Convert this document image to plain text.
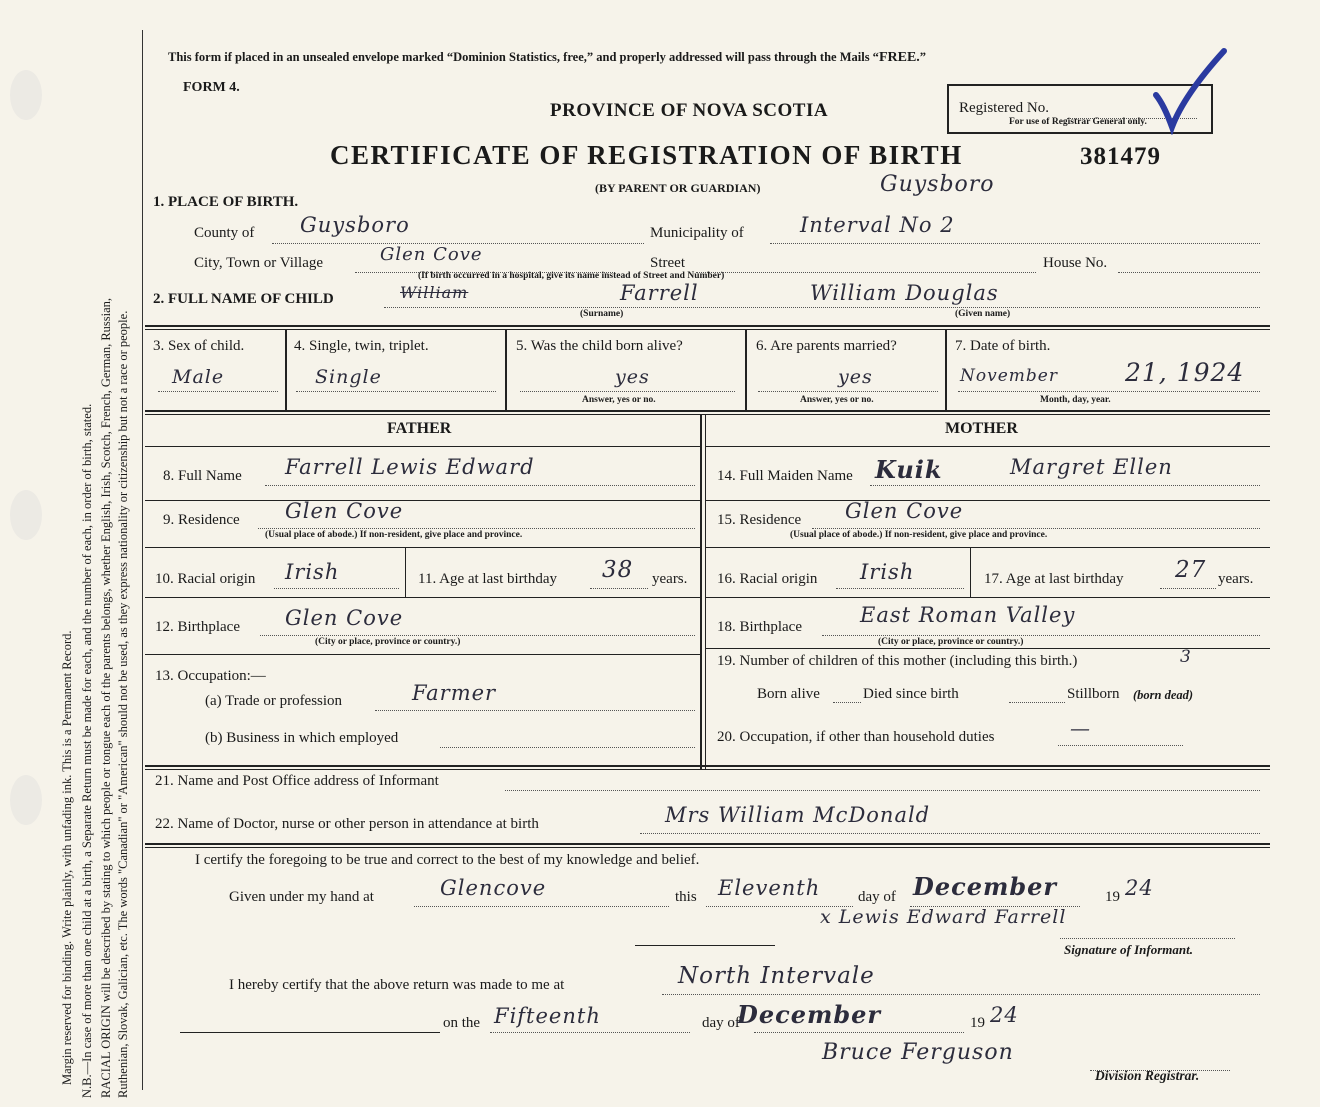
Margin reserved for binding. Write plainly, with unfading ink. This is a Permanent Record. N.B.—In case of more than one child at a birth, a Separate Return must be made for each, and the number of each, in order of birth, stated. RACIAL ORIGIN will be described by stating to which people or tongue each of the parents belongs, whether English, Irish, Scotch, French, German, Russian, Ruthenian, Slovak, Galician, etc. The words "Canadian" or "American" should not be used, as they express nationality or citizenship but not a race or people.
This form if placed in an unsealed envelope marked “Dominion Statistics, free,” and properly addressed will pass through the Mails “FREE.”
FORM 4.
PROVINCE OF NOVA SCOTIA	Registered No.
For use of Registrar General only.
CERTIFICATE OF REGISTRATION OF BIRTH	381479
(BY PARENT OR GUARDIAN)	Guysboro
1. PLACE OF BIRTH.
County of Guysboro	Municipality of	Interval No 2
City, Town or Village	Glen Cove	Street
(If birth occurred in a hospital, give its name instead of Street and Number)
House No.
2. FULL NAME OF CHILD	William	Farrell	William Douglas
(Surname)	(Given name)
3. Sex of child.
Male
4. Single, twin, triplet.
Single
5. Was the child born alive?
yes
Answer, yes or no.
6. Are parents married?
yes
Answer, yes or no.
7. Date of birth.
November	21, 1924
Month, day, year.
FATHER	MOTHER
8. Full Name Farrell Lewis Edward
9. Residence Glen Cove
(Usual place of abode.) If non-resident, give place and province.
10. Racial origin Irish	11. Age at last birthday 38 years.
12. Birthplace Glen Cove
(City or place, province or country.)
13. Occupation:—
(a) Trade or profession	Farmer
(b) Business in which employed
14. Full Maiden Name Kuik	Margret Ellen
15. Residence Glen Cove
(Usual place of abode.) If non-resident, give place and province.
16. Racial origin Irish	17. Age at last birthday 27 years.
18. Birthplace	East Roman Valley
(City or place, province or country.)
19. Number of children of this mother (including this birth.)	3
Born alive	Died since birth	Stillborn (born dead)
20. Occupation, if other than household duties	—
21. Name and Post Office address of Informant
22. Name of Doctor, nurse or other person in attendance at birth	Mrs William McDonald
I certify the foregoing to be true and correct to the best of my knowledge and belief.
Given under my hand at	Glencove	this Eleventh	day of December	19 24
x Lewis Edward Farrell
Signature of Informant.
I hereby certify that the above return was made to me at	North Intervale
on the Fifteenth	day of
December	19 24
Bruce Ferguson
Division Registrar.
